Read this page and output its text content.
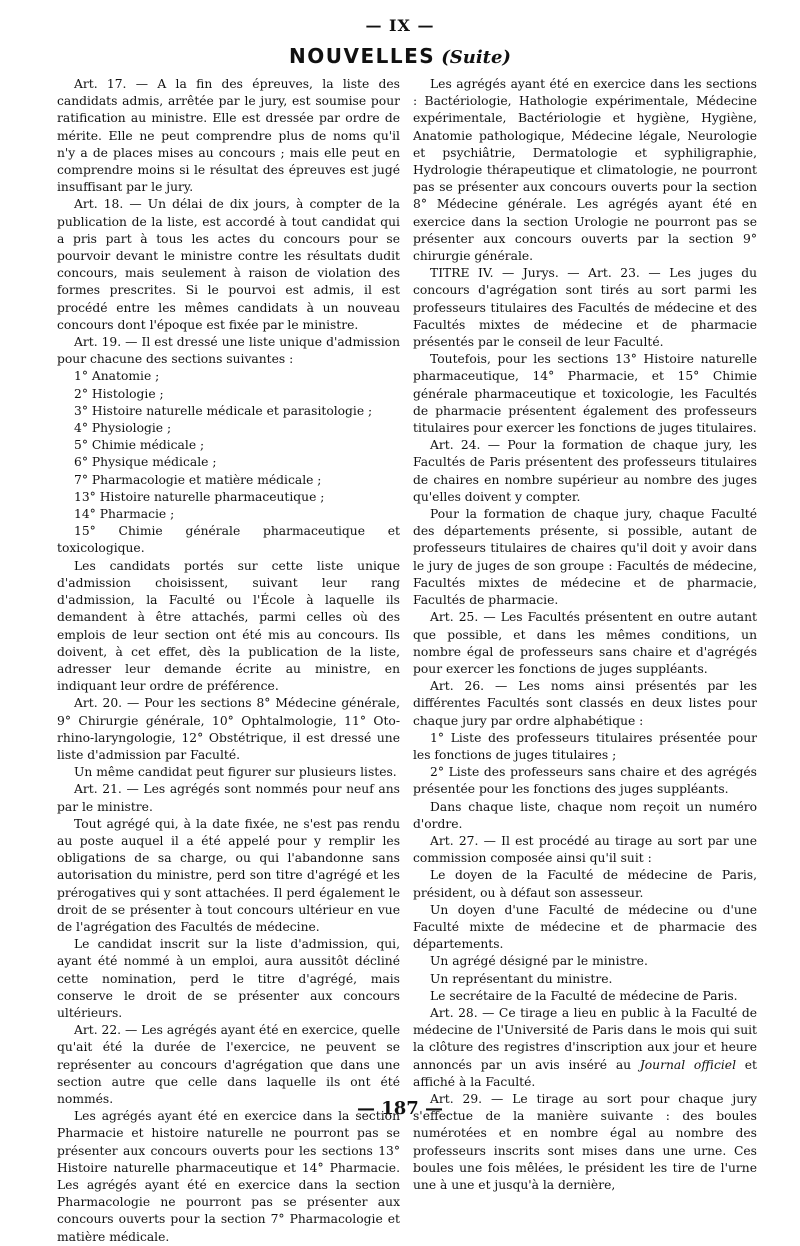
— IX —
NOUVELLES (Suite)

Art. 17. — A la fin des épreuves, la liste des candidats admis, arrêtée par le jury, est soumise pour ratification au ministre. Elle est dressée par ordre de mérite. Elle ne peut comprendre plus de noms qu'il n'y a de places mises au concours ; mais elle peut en comprendre moins si le résultat des épreuves est jugé insuffisant par le jury.

Art. 18. — Un délai de dix jours, à compter de la publication de la liste, est accordé à tout candidat qui a pris part à tous les actes du concours pour se pourvoir devant le ministre contre les résultats dudit concours, mais seulement à raison de violation des formes prescrites. Si le pourvoi est admis, il est procédé entre les mêmes candidats à un nouveau concours dont l'époque est fixée par le ministre.

Art. 19. — Il est dressé une liste unique d'admission pour chacune des sections suivantes :

1° Anatomie ;

2° Histologie ;

3° Histoire naturelle médicale et parasitologie ;

4° Physiologie ;

5° Chimie médicale ;

6° Physique médicale ;

7° Pharmacologie et matière médicale ;

13° Histoire naturelle pharmaceutique ;

14° Pharmacie ;

15° Chimie générale pharmaceutique et toxicologique.

Les candidats portés sur cette liste unique d'admission choisissent, suivant leur rang d'admission, la Faculté ou l'École à laquelle ils demandent à être attachés, parmi celles où des emplois de leur section ont été mis au concours. Ils doivent, à cet effet, dès la publication de la liste, adresser leur demande écrite au ministre, en indiquant leur ordre de préférence.

Art. 20. — Pour les sections 8° Médecine générale, 9° Chirurgie générale, 10° Ophtalmologie, 11° Oto-rhino-laryngologie, 12° Obstétrique, il est dressé une liste d'admission par Faculté.

Un même candidat peut figurer sur plusieurs listes.

Art. 21. — Les agrégés sont nommés pour neuf ans par le ministre.

Tout agrégé qui, à la date fixée, ne s'est pas rendu au poste auquel il a été appelé pour y remplir les obligations de sa charge, ou qui l'abandonne sans autorisation du ministre, perd son titre d'agrégé et les prérogatives qui y sont attachées. Il perd également le droit de se présenter à tout concours ultérieur en vue de l'agrégation des Facultés de médecine.

Le candidat inscrit sur la liste d'admission, qui, ayant été nommé à un emploi, aura aussitôt décliné cette nomination, perd le titre d'agrégé, mais conserve le droit de se présenter aux concours ultérieurs.

Art. 22. — Les agrégés ayant été en exercice, quelle qu'ait été la durée de l'exercice, ne peuvent se représenter au concours d'agrégation que dans une section autre que celle dans laquelle ils ont été nommés.

Les agrégés ayant été en exercice dans la section Pharmacie et histoire naturelle ne pourront pas se présenter aux concours ouverts pour les sections 13° Histoire naturelle pharmaceutique et 14° Pharmacie. Les agrégés ayant été en exercice dans la section Pharmacologie ne pourront pas se présenter aux concours ouverts pour la section 7° Pharmacologie et matière médicale.

Les agrégés ayant été en exercice dans les sections : Bactériologie, Hathologie expérimentale, Médecine expérimentale, Bactériologie et hygiène, Hygiène, Anatomie pathologique, Médecine légale, Neurologie et psychiâtrie, Dermatologie et syphiligraphie, Hydrologie thérapeutique et climatologie, ne pourront pas se présenter aux concours ouverts pour la section 8° Médecine générale. Les agrégés ayant été en exercice dans la section Urologie ne pourront pas se présenter aux concours ouverts par la section 9° chirurgie générale.

TITRE IV. — Jurys. — Art. 23. — Les juges du concours d'agrégation sont tirés au sort parmi les professeurs titulaires des Facultés de médecine et des Facultés mixtes de médecine et de pharmacie présentés par le conseil de leur Faculté.

Toutefois, pour les sections 13° Histoire naturelle pharmaceutique, 14° Pharmacie, et 15° Chimie générale pharmaceutique et toxicologie, les Facultés de pharmacie présentent également des professeurs titulaires pour exercer les fonctions de juges titulaires.

Art. 24. — Pour la formation de chaque jury, les Facultés de Paris présentent des professeurs titulaires de chaires en nombre supérieur au nombre des juges qu'elles doivent y compter.

Pour la formation de chaque jury, chaque Faculté des départements présente, si possible, autant de professeurs titulaires de chaires qu'il doit y avoir dans le jury de juges de son groupe : Facultés de médecine, Facultés mixtes de médecine et de pharmacie, Facultés de pharmacie.

Art. 25. — Les Facultés présentent en outre autant que possible, et dans les mêmes conditions, un nombre égal de professeurs sans chaire et d'agrégés pour exercer les fonctions de juges suppléants.

Art. 26. — Les noms ainsi présentés par les différentes Facultés sont classés en deux listes pour chaque jury par ordre alphabétique :

1° Liste des professeurs titulaires présentée pour les fonctions de juges titulaires ;

2° Liste des professeurs sans chaire et des agrégés présentée pour les fonctions des juges suppléants.

Dans chaque liste, chaque nom reçoit un numéro d'ordre.

Art. 27. — Il est procédé au tirage au sort par une commission composée ainsi qu'il suit :

Le doyen de la Faculté de médecine de Paris, président, ou à défaut son assesseur.

Un doyen d'une Faculté de médecine ou d'une Faculté mixte de médecine et de pharmacie des départements.

Un agrégé désigné par le ministre.

Un représentant du ministre.

Le secrétaire de la Faculté de médecine de Paris.

Art. 28. — Ce tirage a lieu en public à la Faculté de médecine de l'Université de Paris dans le mois qui suit la clôture des registres d'inscription aux jour et heure annoncés par un avis inséré au Journal officiel et affiché à la Faculté.

Art. 29. — Le tirage au sort pour chaque jury s'effectue de la manière suivante : des boules numérotées et en nombre égal au nombre des professeurs inscrits sont mises dans une urne. Ces boules une fois mêlées, le président les tire de l'urne une à une et jusqu'à la dernière,

— 187 —
